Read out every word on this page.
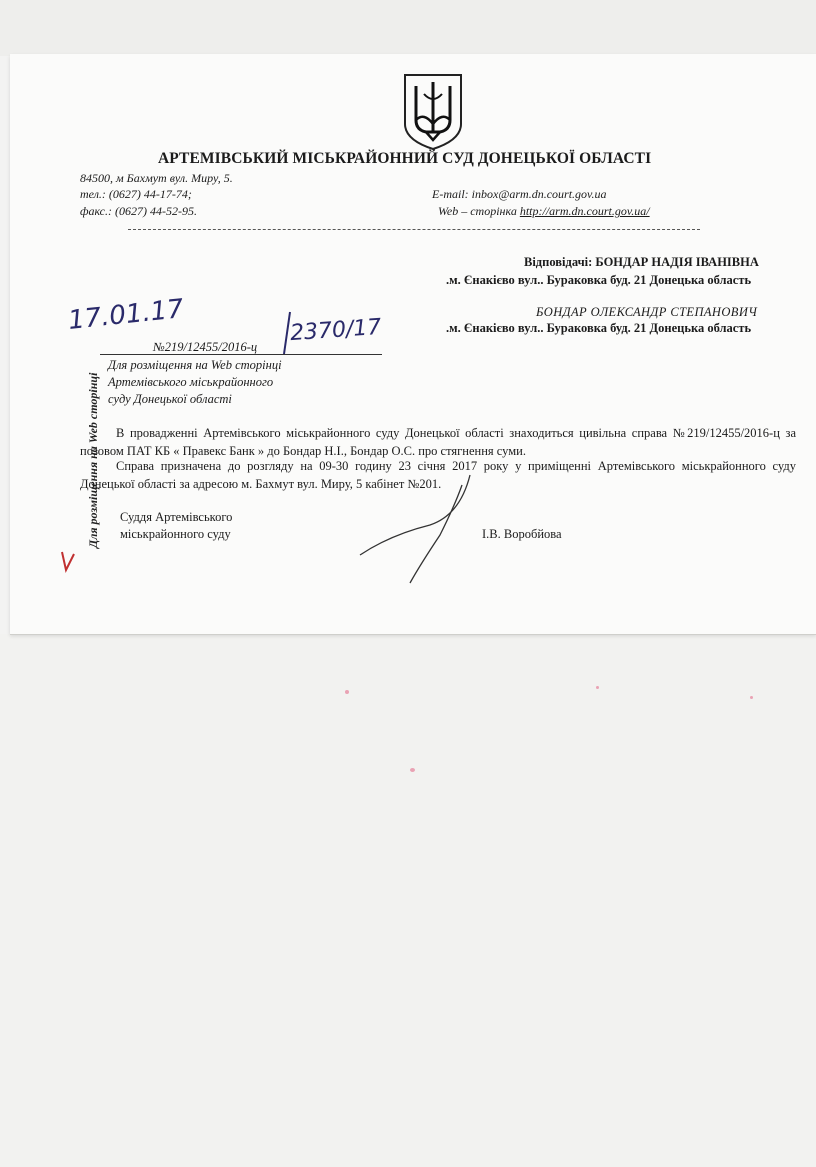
АРТЕМІВСЬКИЙ МІСЬКРАЙОННИЙ СУД ДОНЕЦЬКОЇ ОБЛАСТІ
84500, м Бахмут вул. Миру, 5.
тел.: (0627) 44-17-74;
факс.: (0627) 44-52-95.
E-mail: inbox@arm.dn.court.gov.ua
Web – сторінка http://arm.dn.court.gov.ua/
Відповідачі: БОНДАР НАДІЯ ІВАНІВНА
.м. Єнакієво вул.. Бураковка буд. 21 Донецька область
БОНДАР ОЛЕКСАНДР СТЕПАНОВИЧ
.м. Єнакієво вул.. Бураковка буд. 21 Донецька область
17.01.17	2370/17
№219/12455/2016-ц
Для розміщення на Web сторінці
Артемівського міськрайонного
суду Донецької області
Для розміщення на Web сторінці	В провадженні Артемівського міськрайонного суду Донецької області знаходиться цивільна справа №219/12455/2016-ц за позовом ПАТ КБ « Правекс Банк » до Бондар Н.І., Бондар О.С. про стягнення суми.
Справа призначена до розгляду на 09-30 годину 23 січня 2017 року у приміщенні Артемівського міськрайонного суду Донецької області за адресою м. Бахмут вул. Миру, 5 кабінет №201.
Суддя Артемівського
міськрайонного суду	І.В. Воробйова
